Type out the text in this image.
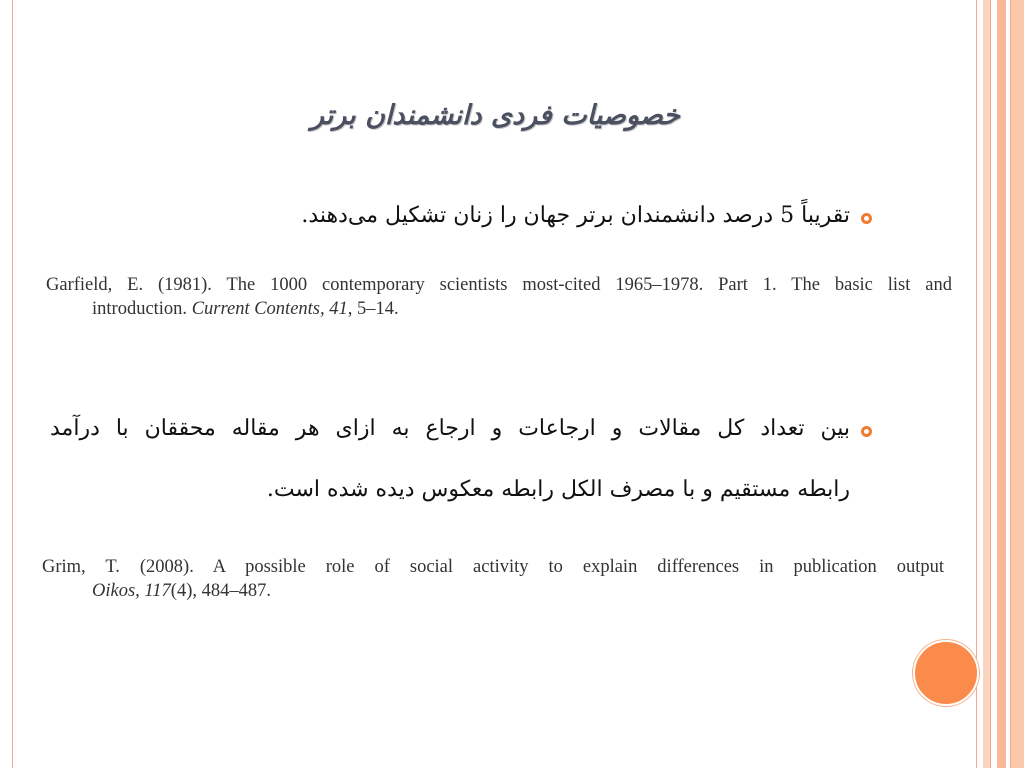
خصوصیات فردی دانشمندان برتر
تقریباً 5 درصد دانشمندان برتر جهان را زنان تشکیل می‌دهند.
Garfield, E. (1981). The 1000 contemporary scientists most-cited 1965–1978. Part 1. The basic list and
introduction. Current Contents, 41, 5–14.
بین تعداد کل مقالات و ارجاعات و ارجاع به ازای هر مقاله محققان با درآمد
رابطه مستقیم و با مصرف الکل رابطه معکوس دیده شده است.
Grim, T. (2008). A possible role of social activity to explain differences in publication output
Oikos, 117(4), 484–487.
